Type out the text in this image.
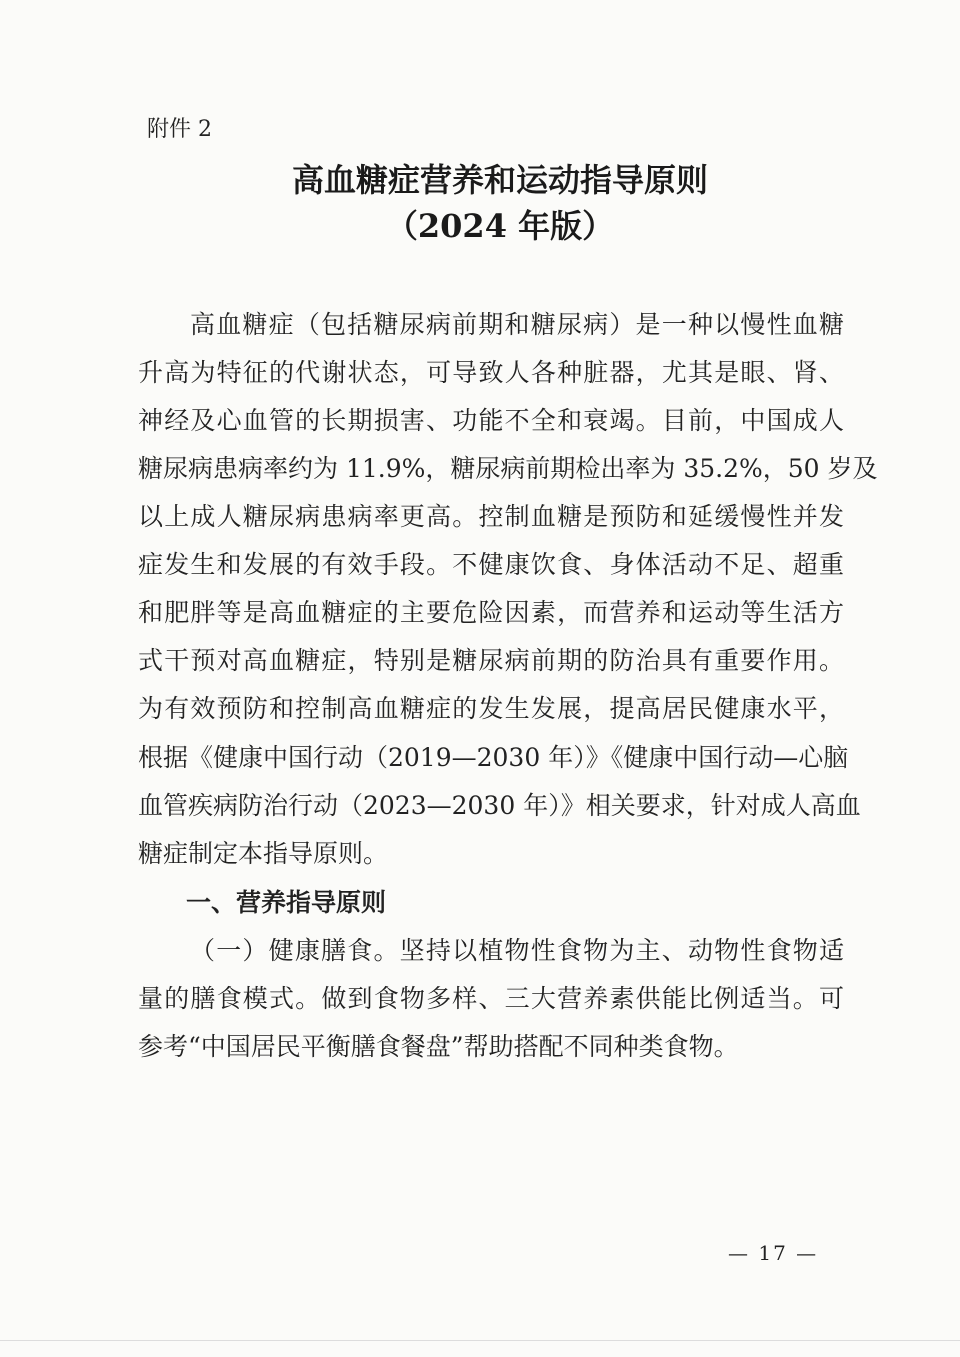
附件 2
高血糖症营养和运动指导原则
（2024 年版）
高血糖症（包括糖尿病前期和糖尿病）是一种以慢性血糖
升高为特征的代谢状态，可导致人各种脏器，尤其是眼、肾、
神经及心血管的长期损害、功能不全和衰竭。目前，中国成人
糖尿病患病率约为 11.9%，糖尿病前期检出率为 35.2%，50 岁及
以上成人糖尿病患病率更高。控制血糖是预防和延缓慢性并发
症发生和发展的有效手段。不健康饮食、身体活动不足、超重
和肥胖等是高血糖症的主要危险因素，而营养和运动等生活方
式干预对高血糖症，特别是糖尿病前期的防治具有重要作用。
为有效预防和控制高血糖症的发生发展，提高居民健康水平，
根据《健康中国行动（2019—2030 年）》《健康中国行动—心脑
血管疾病防治行动（2023—2030 年）》相关要求，针对成人高血
糖症制定本指导原则。
一、营养指导原则
（一）健康膳食。坚持以植物性食物为主、动物性食物适
量的膳食模式。做到食物多样、三大营养素供能比例适当。可
参考“中国居民平衡膳食餐盘”帮助搭配不同种类食物。
— 17 —
